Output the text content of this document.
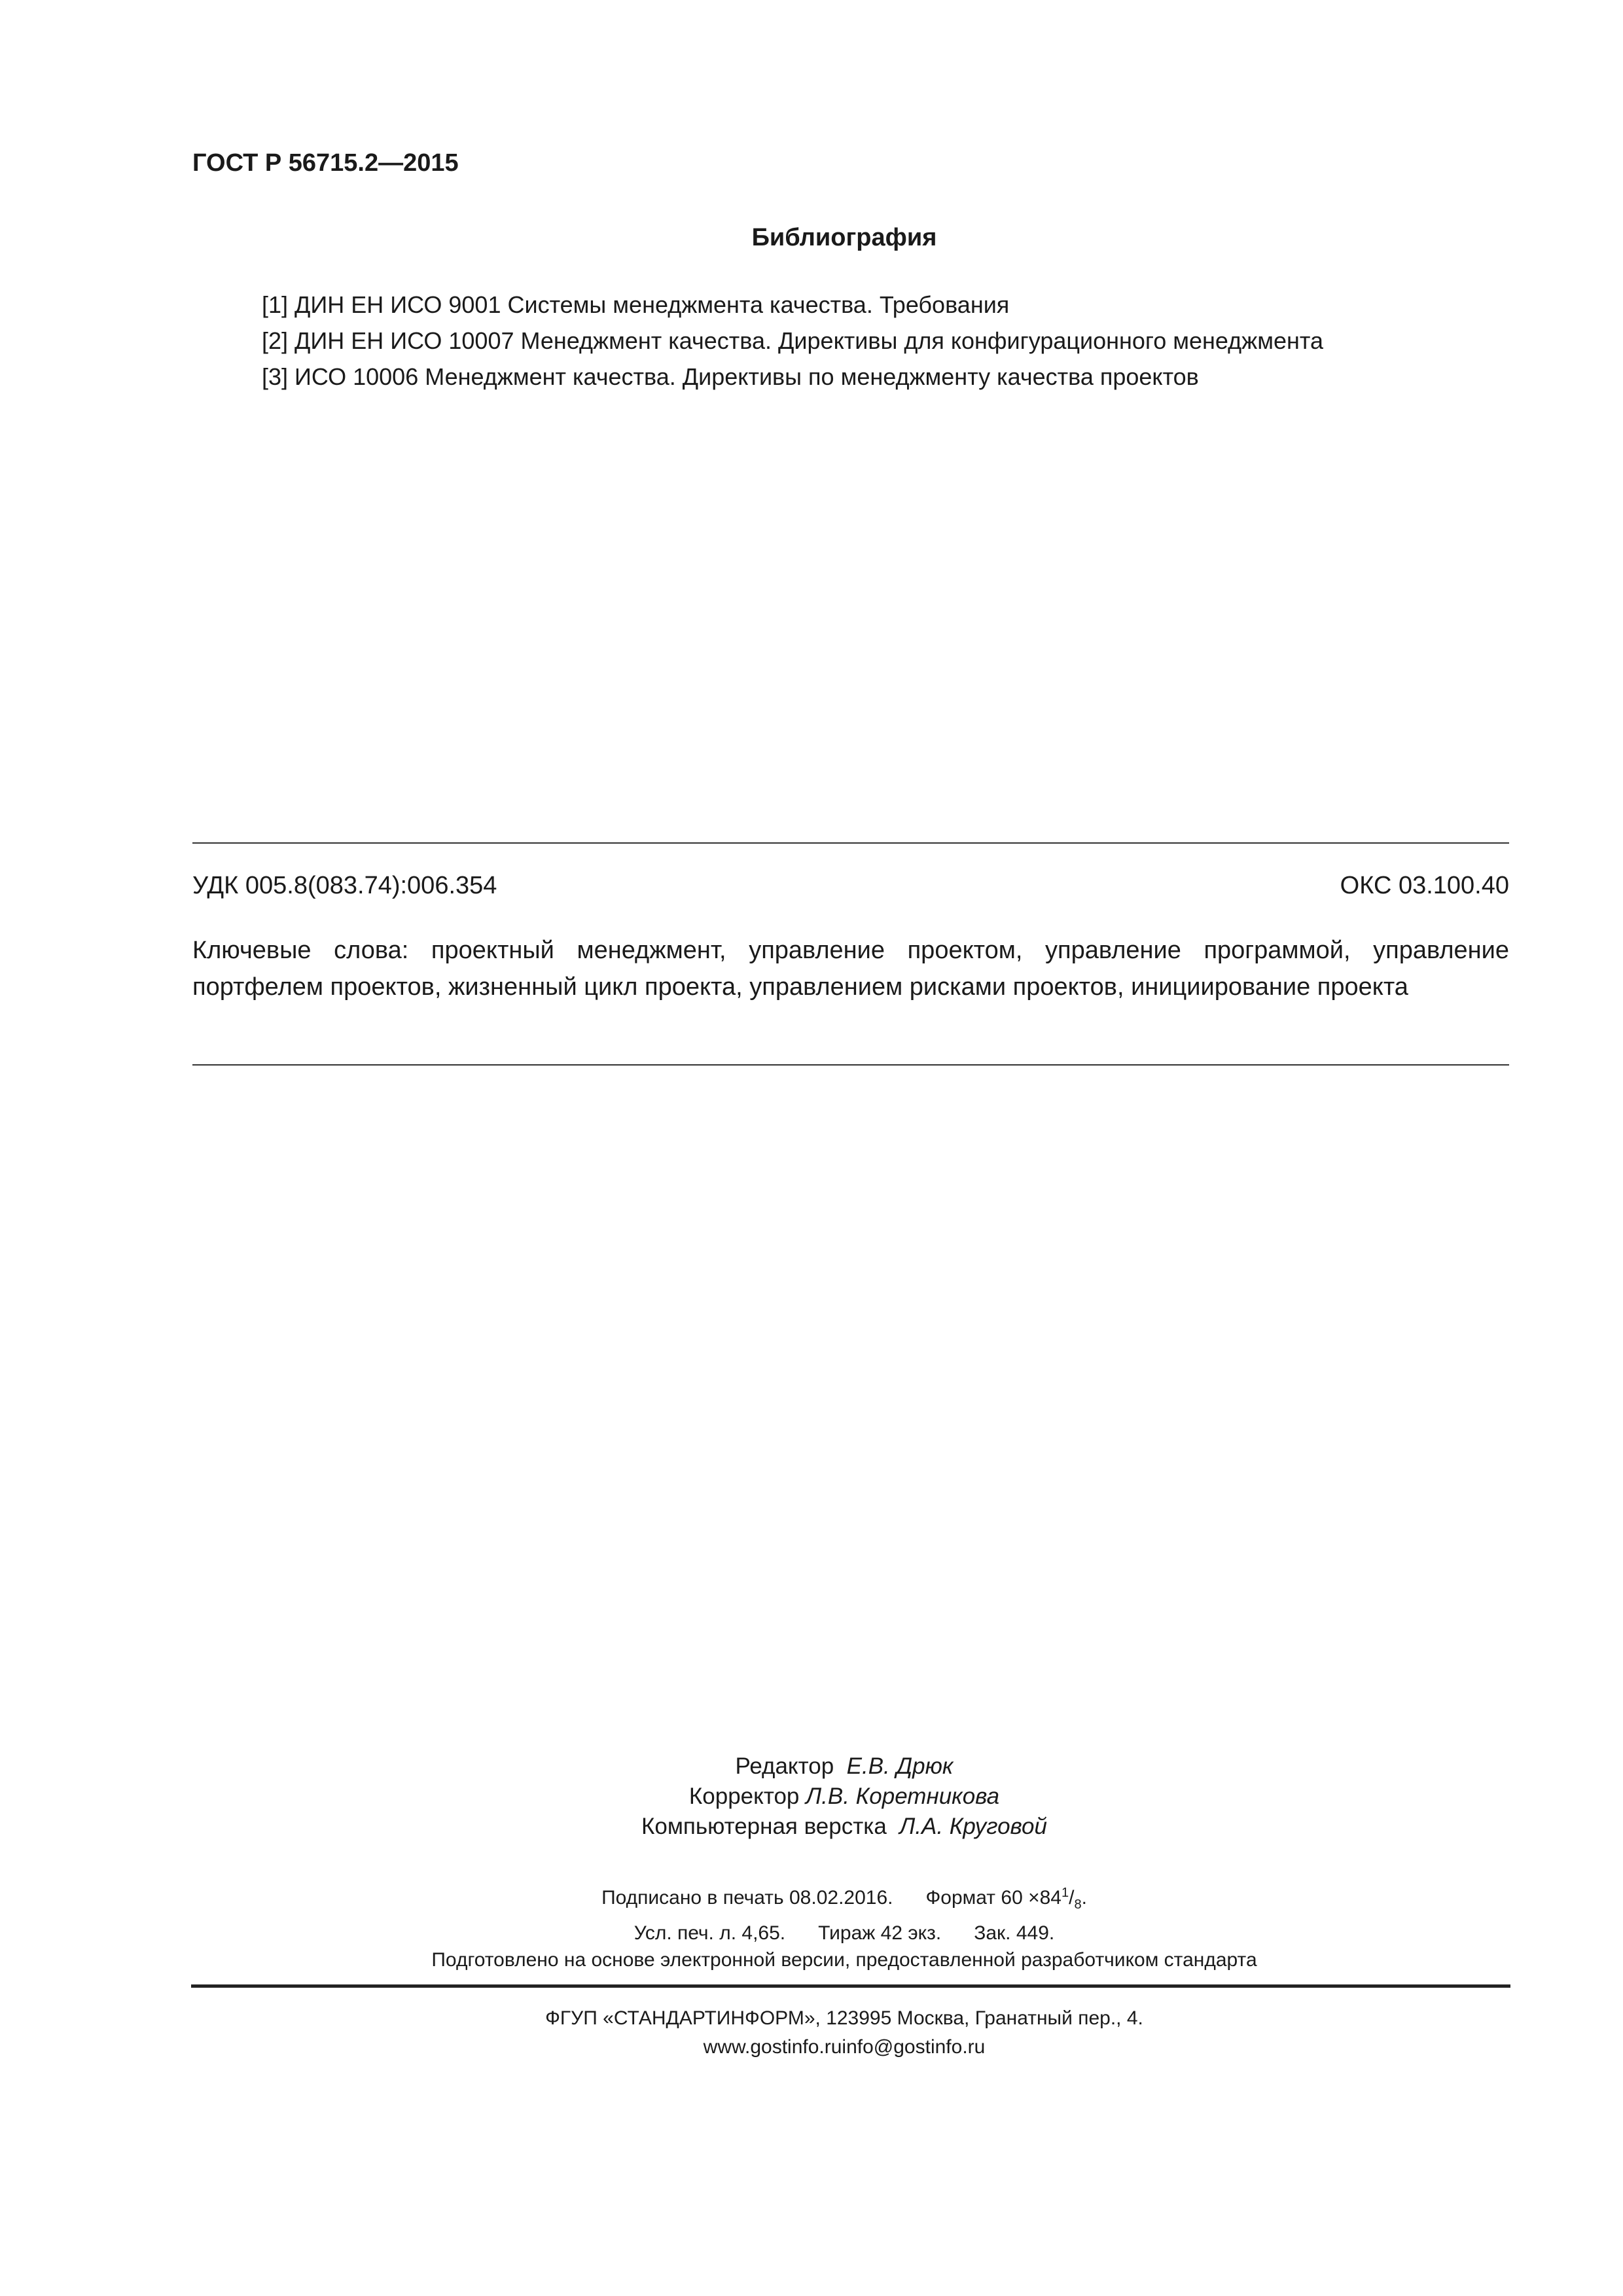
ГОСТ Р 56715.2—2015
Библиография
[1] ДИН ЕН ИСО 9001 Системы менеджмента качества. Требования
[2] ДИН ЕН ИСО 10007 Менеджмент качества. Директивы для конфигурационного менеджмента
[3] ИСО 10006 Менеджмент качества. Директивы по менеджменту качества проектов
УДК 005.8(083.74):006.354	ОКС 03.100.40
Ключевые слова: проектный менеджмент, управление проектом, управление программой, управление портфелем проектов, жизненный цикл проекта, управлением рисками проектов, инициирование проекта
Редактор Е.В. Дрюк
Корректор Л.В. Коретникова
Компьютерная верстка Л.А. Круговой
Подписано в печать 08.02.2016. Формат $60 \times 84^1/_8$.
Усл. печ. л. 4,65. Тираж 42 экз. Зак. 449.
Подготовлено на основе электронной версии, предоставленной разработчиком стандарта
ФГУП «СТАНДАРТИНФОРМ», 123995 Москва, Гранатный пер., 4.
www.gostinfo.ruinfo@gostinfo.ru
